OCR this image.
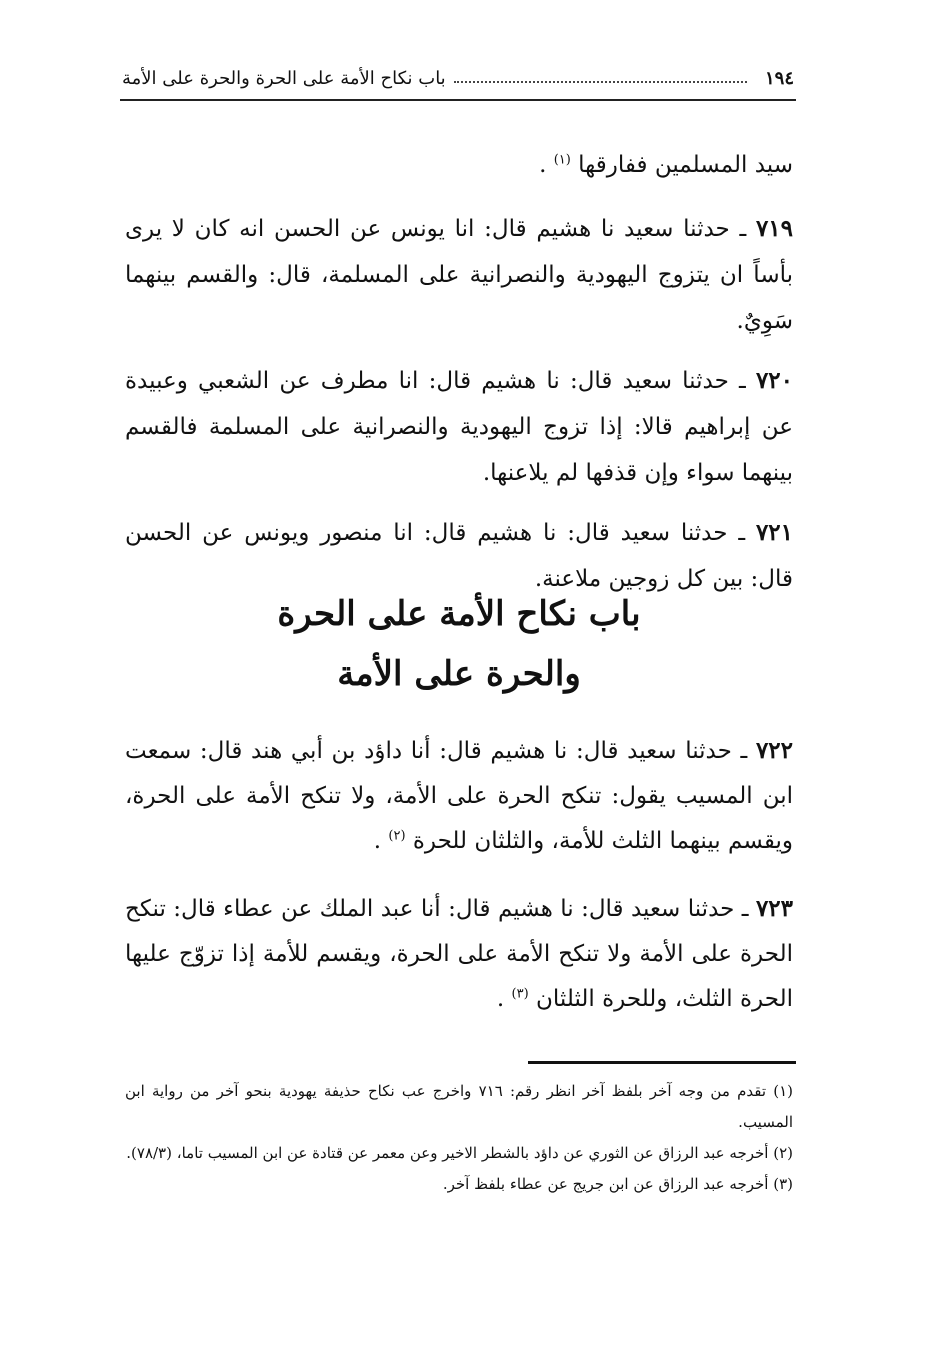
١٩٤
باب نكاح الأمة على الحرة والحرة على الأمة

سيد المسلمين ففارقها $^{(١)}$ .

٧١٩ ـ حدثنا سعيد نا هشيم قال: انا يونس عن الحسن انه كان لا يرى بأساً ان يتزوج اليهودية والنصرانية على المسلمة، قال: والقسم بينهما سَوِيٌ.

٧٢٠ ـ حدثنا سعيد قال: نا هشيم قال: انا مطرف عن الشعبي وعبيدة عن إبراهيم قالا: إذا تزوج اليهودية والنصرانية على المسلمة فالقسم بينهما سواء وإن قذفها لم يلاعنها.

٧٢١ ـ حدثنا سعيد قال: نا هشيم قال: انا منصور ويونس عن الحسن قال: بين كل زوجين ملاعنة.

باب نكاح الأمة على الحرة
والحرة على الأمة

٧٢٢ ـ حدثنا سعيد قال: نا هشيم قال: أنا داؤد بن أبي هند قال: سمعت ابن المسيب يقول: تنكح الحرة على الأمة، ولا تنكح الأمة على الحرة، ويقسم بينهما الثلث للأمة، والثلثان للحرة $^{(٢)}$ .

٧٢٣ ـ حدثنا سعيد قال: نا هشيم قال: أنا عبد الملك عن عطاء قال: تنكح الحرة على الأمة ولا تنكح الأمة على الحرة، ويقسم للأمة إذا تزوّج عليها الحرة الثلث، وللحرة الثلثان $^{(٣)}$ .

(١) تقدم من وجه آخر بلفظ آخر انظر رقم: ٧١٦ واخرج عب نكاح حذيفة يهودية بنحو آخر من رواية ابن المسيب.

(٢) أخرجه عبد الرزاق عن الثوري عن داؤد بالشطر الاخير وعن معمر عن قتادة عن ابن المسيب تاما، (٧٨/٣).

(٣) أخرجه عبد الرزاق عن ابن جريج عن عطاء بلفظ آخر.
